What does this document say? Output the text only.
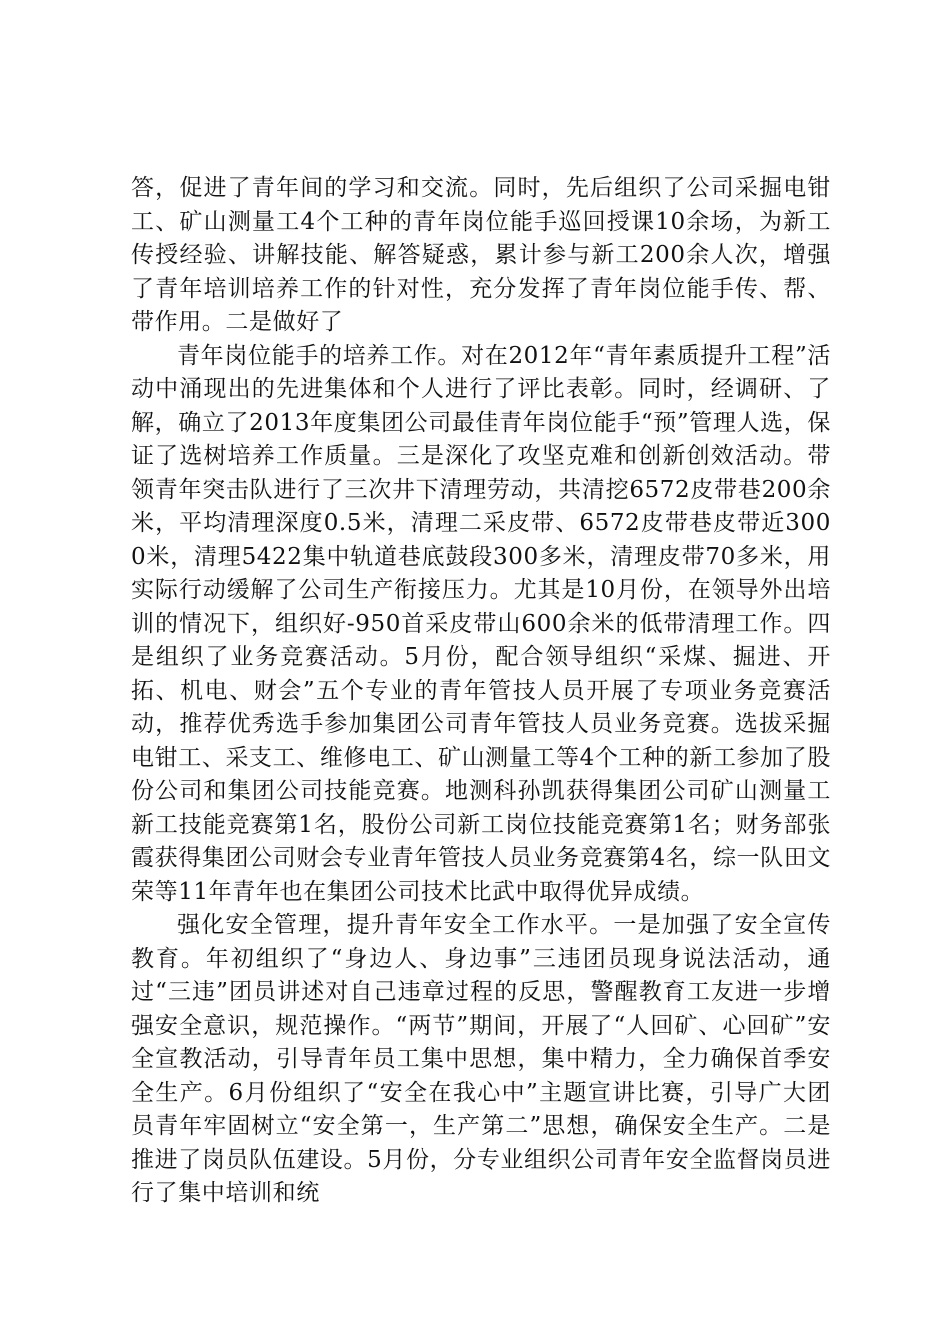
答，促进了青年间的学习和交流。同时，先后组织了公司采掘电钳工、矿山测量工4个工种的青年岗位能手巡回授课10余场，为新工传授经验、讲解技能、解答疑惑，累计参与新工200余人次，增强了青年培训培养工作的针对性，充分发挥了青年岗位能手传、帮、带作用。二是做好了

青年岗位能手的培养工作。对在2012年“青年素质提升工程”活动中涌现出的先进集体和个人进行了评比表彰。同时，经调研、了解，确立了2013年度集团公司最佳青年岗位能手“预”管理人选，保证了选树培养工作质量。三是深化了攻坚克难和创新创效活动。带领青年突击队进行了三次井下清理劳动，共清挖6572皮带巷200余米，平均清理深度0.5米，清理二采皮带、6572皮带巷皮带近3000米，清理5422集中轨道巷底鼓段300多米，清理皮带70多米，用实际行动缓解了公司生产衔接压力。尤其是10月份，在领导外出培训的情况下，组织好-950首采皮带山600余米的低带清理工作。四是组织了业务竞赛活动。5月份，配合领导组织“采煤、掘进、开拓、机电、财会”五个专业的青年管技人员开展了专项业务竞赛活动，推荐优秀选手参加集团公司青年管技人员业务竞赛。选拔采掘电钳工、采支工、维修电工、矿山测量工等4个工种的新工参加了股份公司和集团公司技能竞赛。地测科孙凯获得集团公司矿山测量工新工技能竞赛第1名，股份公司新工岗位技能竞赛第1名；财务部张霞获得集团公司财会专业青年管技人员业务竞赛第4名，综一队田文荣等11年青年也在集团公司技术比武中取得优异成绩。

强化安全管理，提升青年安全工作水平。一是加强了安全宣传教育。年初组织了“身边人、身边事”三违团员现身说法活动，通过“三违”团员讲述对自己违章过程的反思，警醒教育工友进一步增强安全意识，规范操作。“两节”期间，开展了“人回矿、心回矿”安全宣教活动，引导青年员工集中思想，集中精力，全力确保首季安全生产。6月份组织了“安全在我心中”主题宣讲比赛，引导广大团员青年牢固树立“安全第一，生产第二”思想，确保安全生产。二是推进了岗员队伍建设。5月份，分专业组织公司青年安全监督岗员进行了集中培训和统
